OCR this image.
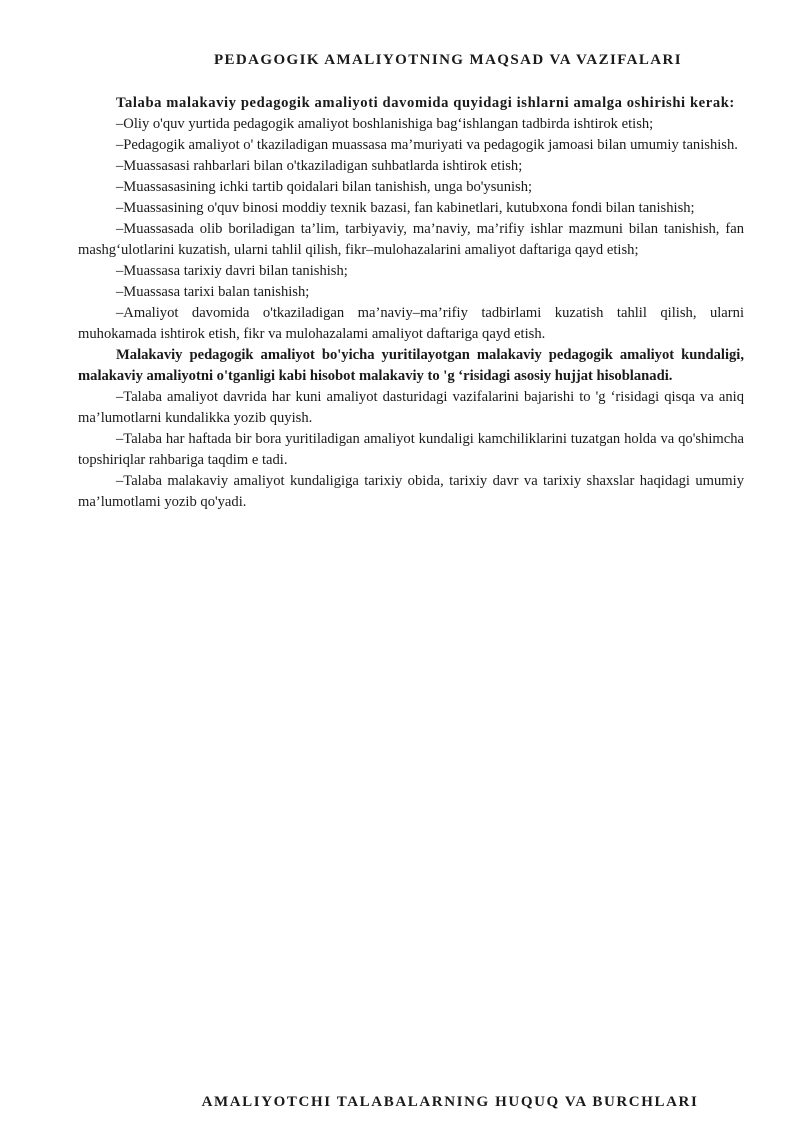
PEDAGOGIK AMALIYOTNING MAQSAD VA VAZIFALARI

Talaba malakaviy pedagogik amaliyoti davomida quyidagi ishlarni amalga oshirishi kerak:

–Oliy o'quv yurtida pedagogik amaliyot boshlanishiga bag‘ishlangan tadbirda ishtirok etish;

–Pedagogik amaliyot o' tkaziladigan muassasa ma’muriyati va pedagogik jamoasi bilan umumiy tanishish.

–Muassasasi rahbarlari bilan o'tkaziladigan suhbatlarda ishtirok etish;

–Muassasasining ichki tartib qoidalari bilan tanishish, unga bo'ysunish;

–Muassasining o'quv binosi moddiy texnik bazasi, fan kabinetlari, kutubxona fondi bilan tanishish;

–Muassasada olib boriladigan ta’lim, tarbiyaviy, ma’naviy, ma’rifiy ishlar mazmuni bilan tanishish, fan mashg‘ulotlarini kuzatish, ularni tahlil qilish, fikr–mulohazalarini amaliyot daftariga qayd etish;

–Muassasa tarixiy davri bilan tanishish;

–Muassasa tarixi balan tanishish;

–Amaliyot davomida o'tkaziladigan ma’naviy–ma’rifiy tadbirlami kuzatish tahlil qilish, ularni muhokamada ishtirok etish, fikr va mulohazalami amaliyot daftariga qayd etish.

Malakaviy pedagogik amaliyot bo'yicha yuritilayotgan malakaviy pedagogik amaliyot kundaligi, malakaviy amaliyotni o'tganligi kabi hisobot malakaviy to 'g ‘risidagi asosiy hujjat hisoblanadi.

–Talaba amaliyot davrida har kuni amaliyot dasturidagi vazifalarini bajarishi to 'g ‘risidagi qisqa va aniq ma’lumotlarni kundalikka yozib quyish.

–Talaba har haftada bir bora yuritiladigan amaliyot kundaligi kamchiliklarini tuzatgan holda va qo'shimcha topshiriqlar rahbariga taqdim e tadi.

–Talaba malakaviy amaliyot kundaligiga tarixiy obida, tarixiy davr va tarixiy shaxslar haqidagi umumiy ma’lumotlami yozib qo'yadi.

AMALIYOTCHI TALABALARNING HUQUQ VA BURCHLARI
